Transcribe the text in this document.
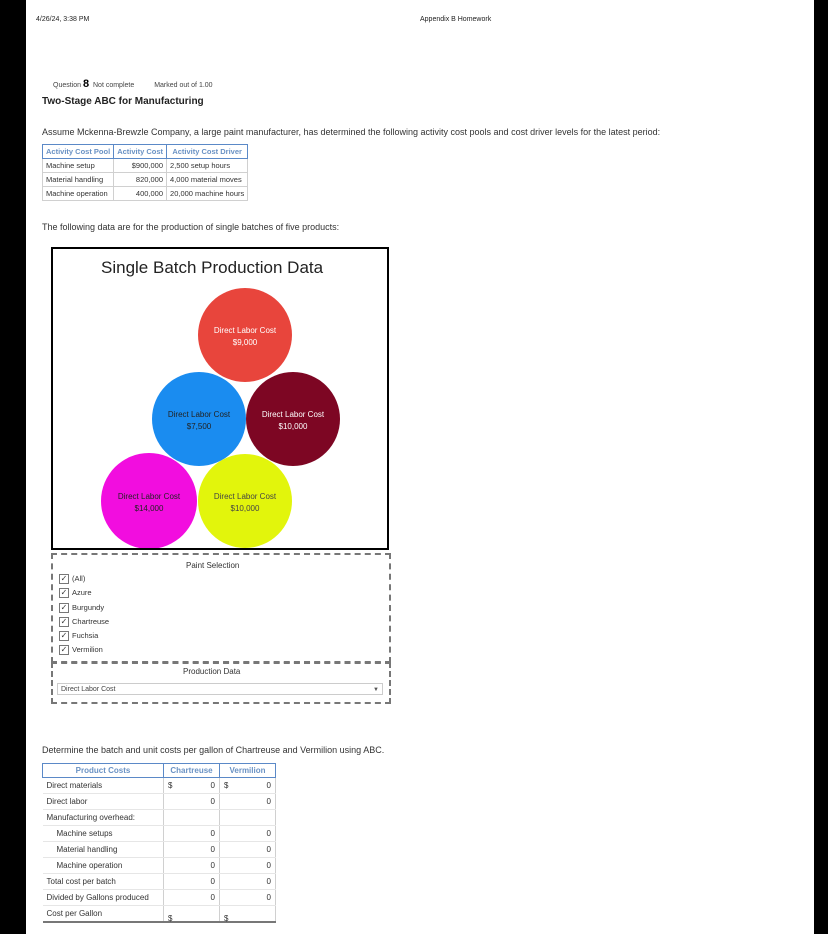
4/26/24, 3:38 PM	Appendix B Homework
Question 8 Not complete	Marked out of 1.00
Two-Stage ABC for Manufacturing
Assume Mckenna-Brewzle Company, a large paint manufacturer, has determined the following activity cost pools and cost driver levels for the latest period:
Activity Cost Pool	Activity Cost	Activity Cost Driver
Machine setup	$900,000	2,500 setup hours
Material handling	820,000	4,000 material moves
Machine operation	400,000	20,000 machine hours
The following data are for the production of single batches of five products:
Single Batch Production Data
Direct Labor Cost
$9,000
Direct Labor Cost
$7,500
Direct Labor Cost
$10,000
Direct Labor Cost
$14,000
Direct Labor Cost
$10,000
Paint Selection
✓ (All)
✓ Azure
✓ Burgundy
✓ Chartreuse
✓ Fuchsia
✓ Vermilion
Production Data
Direct Labor Cost	▼
Determine the batch and unit costs per gallon of Chartreuse and Vermilion using ABC.
Product Costs	Chartreuse	Vermilion
Direct materials	$ 0	$ 0
Direct labor	0	0
Manufacturing overhead:		
Machine setups	0	0
Material handling	0	0
Machine operation	0	0
Total cost per batch	0	0
Divided by Gallons produced	0	0
Cost per Gallon	$	$
